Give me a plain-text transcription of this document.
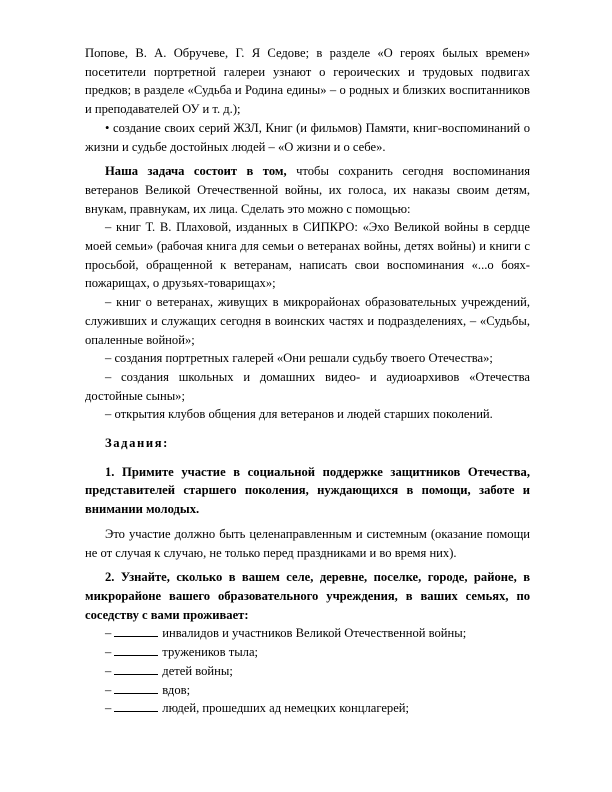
Попове, В. А. Обручеве, Г. Я Седове; в разделе «О героях былых времен» посетители портретной галереи узнают о героических и трудовых подвигах предков; в разделе «Судьба и Родина едины» – о родных и близких воспитанников и преподавателей ОУ и т. д.);

• создание своих серий ЖЗЛ, Книг (и фильмов) Памяти, книг-воспоминаний о жизни и судьбе достойных людей – «О жизни и о себе».

Наша задача состоит в том, чтобы сохранить сегодня воспоминания ветеранов Великой Отечественной войны, их голоса, их наказы своим детям, внукам, правнукам, их лица. Сделать это можно с помощью:

– книг Т. В. Плаховой, изданных в СИПКРО: «Эхо Великой войны в сердце моей семьи» (рабочая книга для семьи о ветеранах войны, детях войны) и книги с просьбой, обращенной к ветеранам, написать свои воспоминания «...о боях-пожарищах, о друзьях-товарищах»;

– книг о ветеранах, живущих в микрорайонах образовательных учреждений, служивших и служащих сегодня в воинских частях и подразделениях, – «Судьбы, опаленные войной»;

– создания портретных галерей «Они решали судьбу твоего Отечества»;

– создания школьных и домашних видео- и аудиоархивов «Отечества достойные сыны»;

– открытия клубов общения для ветеранов и людей старших поколений.

Задания:

1. Примите участие в социальной поддержке защитников Отечества, представителей старшего поколения, нуждающихся в помощи, заботе и внимании молодых.

Это участие должно быть целенаправленным и системным (оказание помощи не от случая к случаю, не только перед праздниками и во время них).

2. Узнайте, сколько в вашем селе, деревне, поселке, городе, районе, в микрорайоне вашего образовательного учреждения, в ваших семьях, по соседству с вами проживает:

–	инвалидов и участников Великой Отечественной войны;

–	тружеников тыла;

–	детей войны;

–	вдов;

–	людей, прошедших ад немецких концлагерей;
